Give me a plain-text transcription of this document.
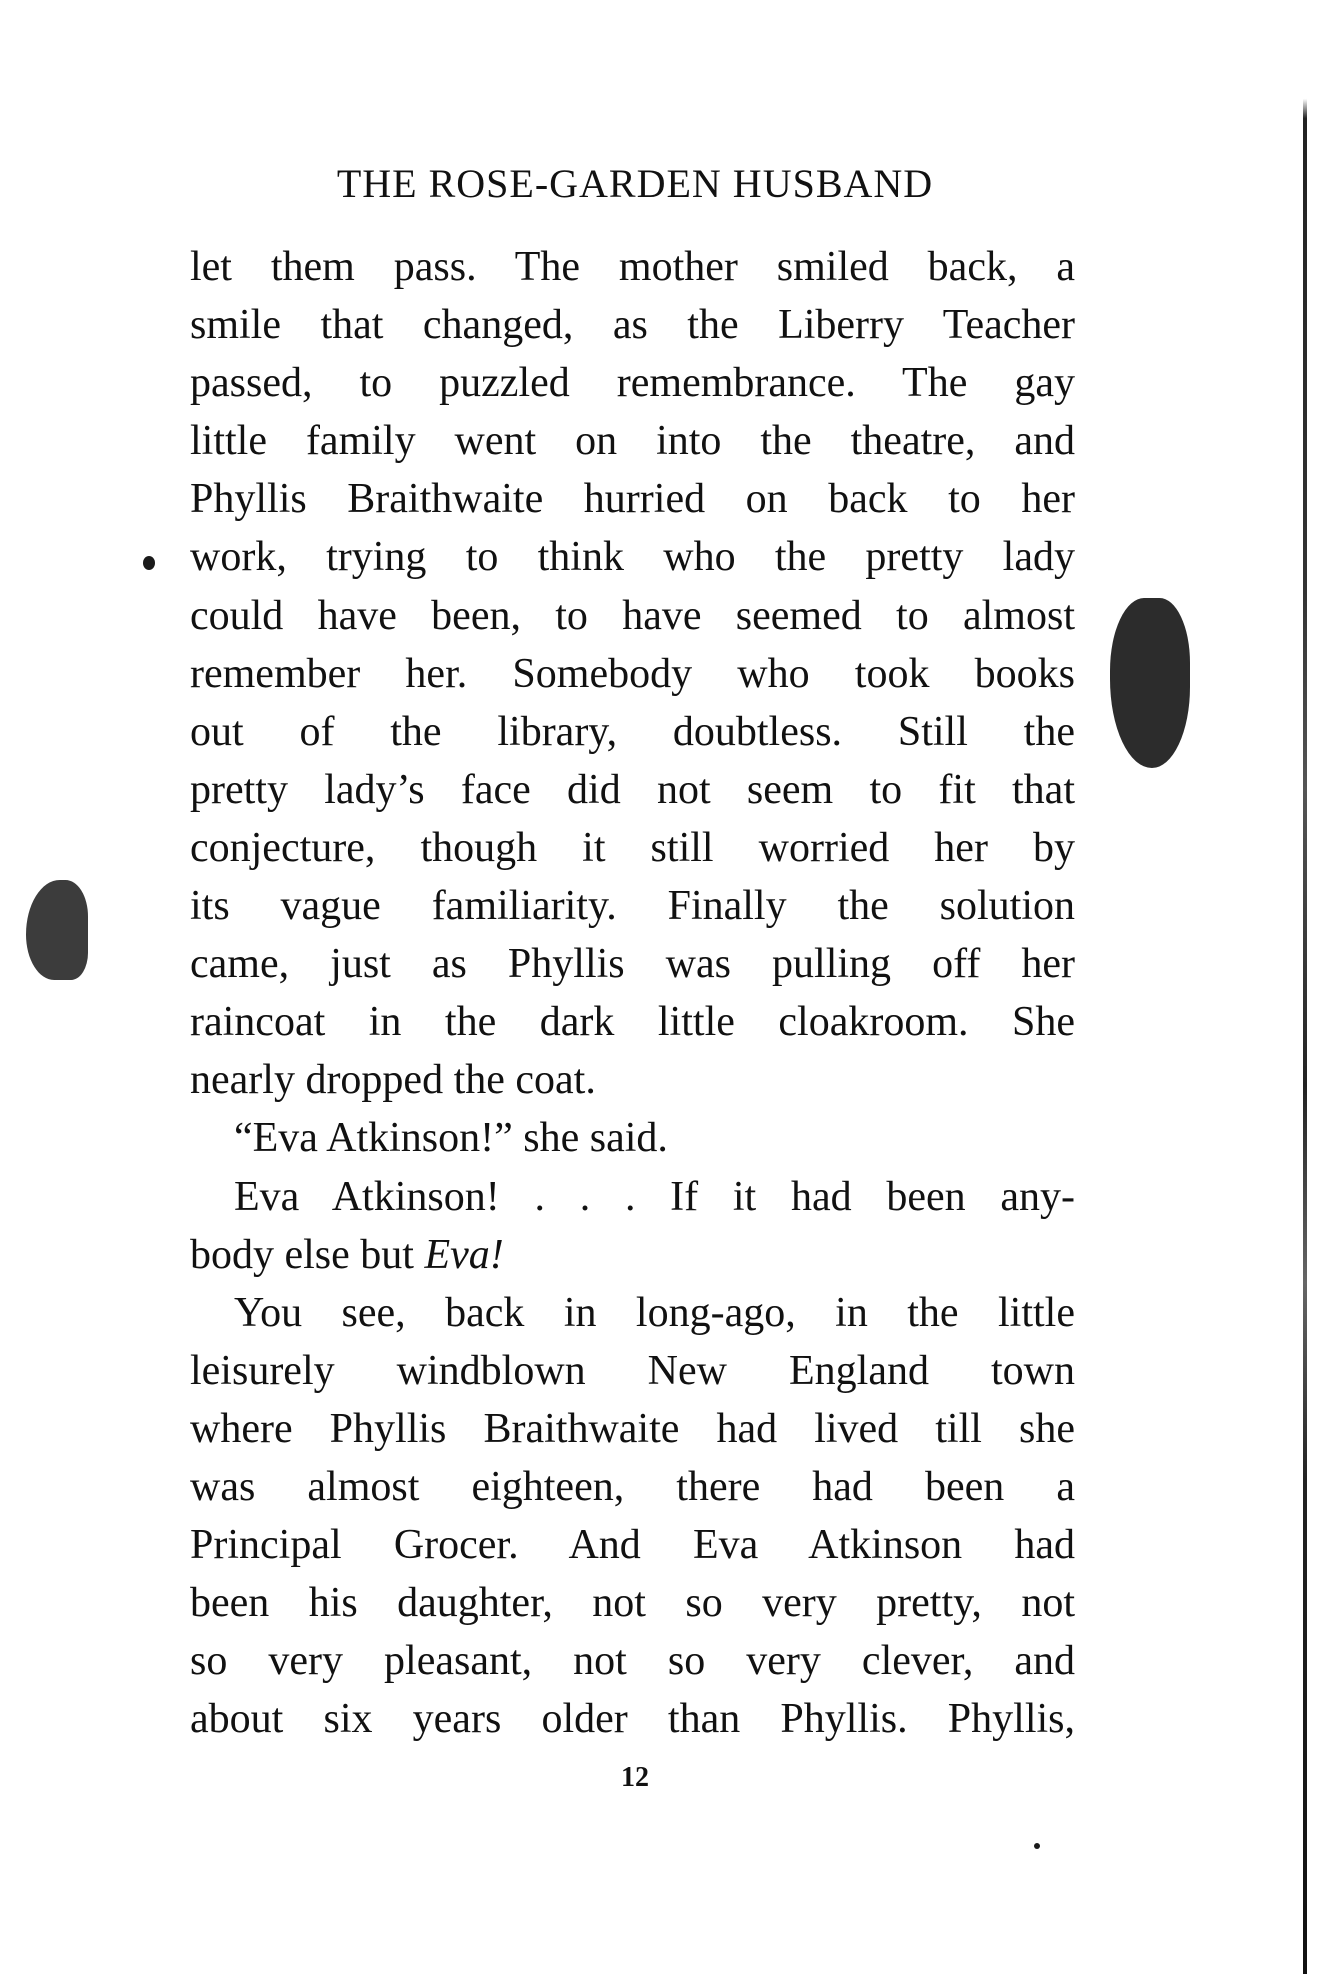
THE ROSE-GARDEN HUSBAND
let them pass. The mother smiled back, a
smile that changed, as the Liberry Teacher
passed, to puzzled remembrance. The gay
little family went on into the theatre, and
Phyllis Braithwaite hurried on back to her
work, trying to think who the pretty lady
could have been, to have seemed to almost
remember her. Somebody who took books
out of the library, doubtless. Still the
pretty lady’s face did not seem to fit that
conjecture, though it still worried her by
its vague familiarity. Finally the solution
came, just as Phyllis was pulling off her
raincoat in the dark little cloakroom. She
nearly dropped the coat.
“Eva Atkinson!” she said.
Eva Atkinson! . . . If it had been any-
body else but Eva!
You see, back in long-ago, in the little
leisurely windblown New England town
where Phyllis Braithwaite had lived till she
was almost eighteen, there had been a
Principal Grocer. And Eva Atkinson had
been his daughter, not so very pretty, not
so very pleasant, not so very clever, and
about six years older than Phyllis. Phyllis,
12
